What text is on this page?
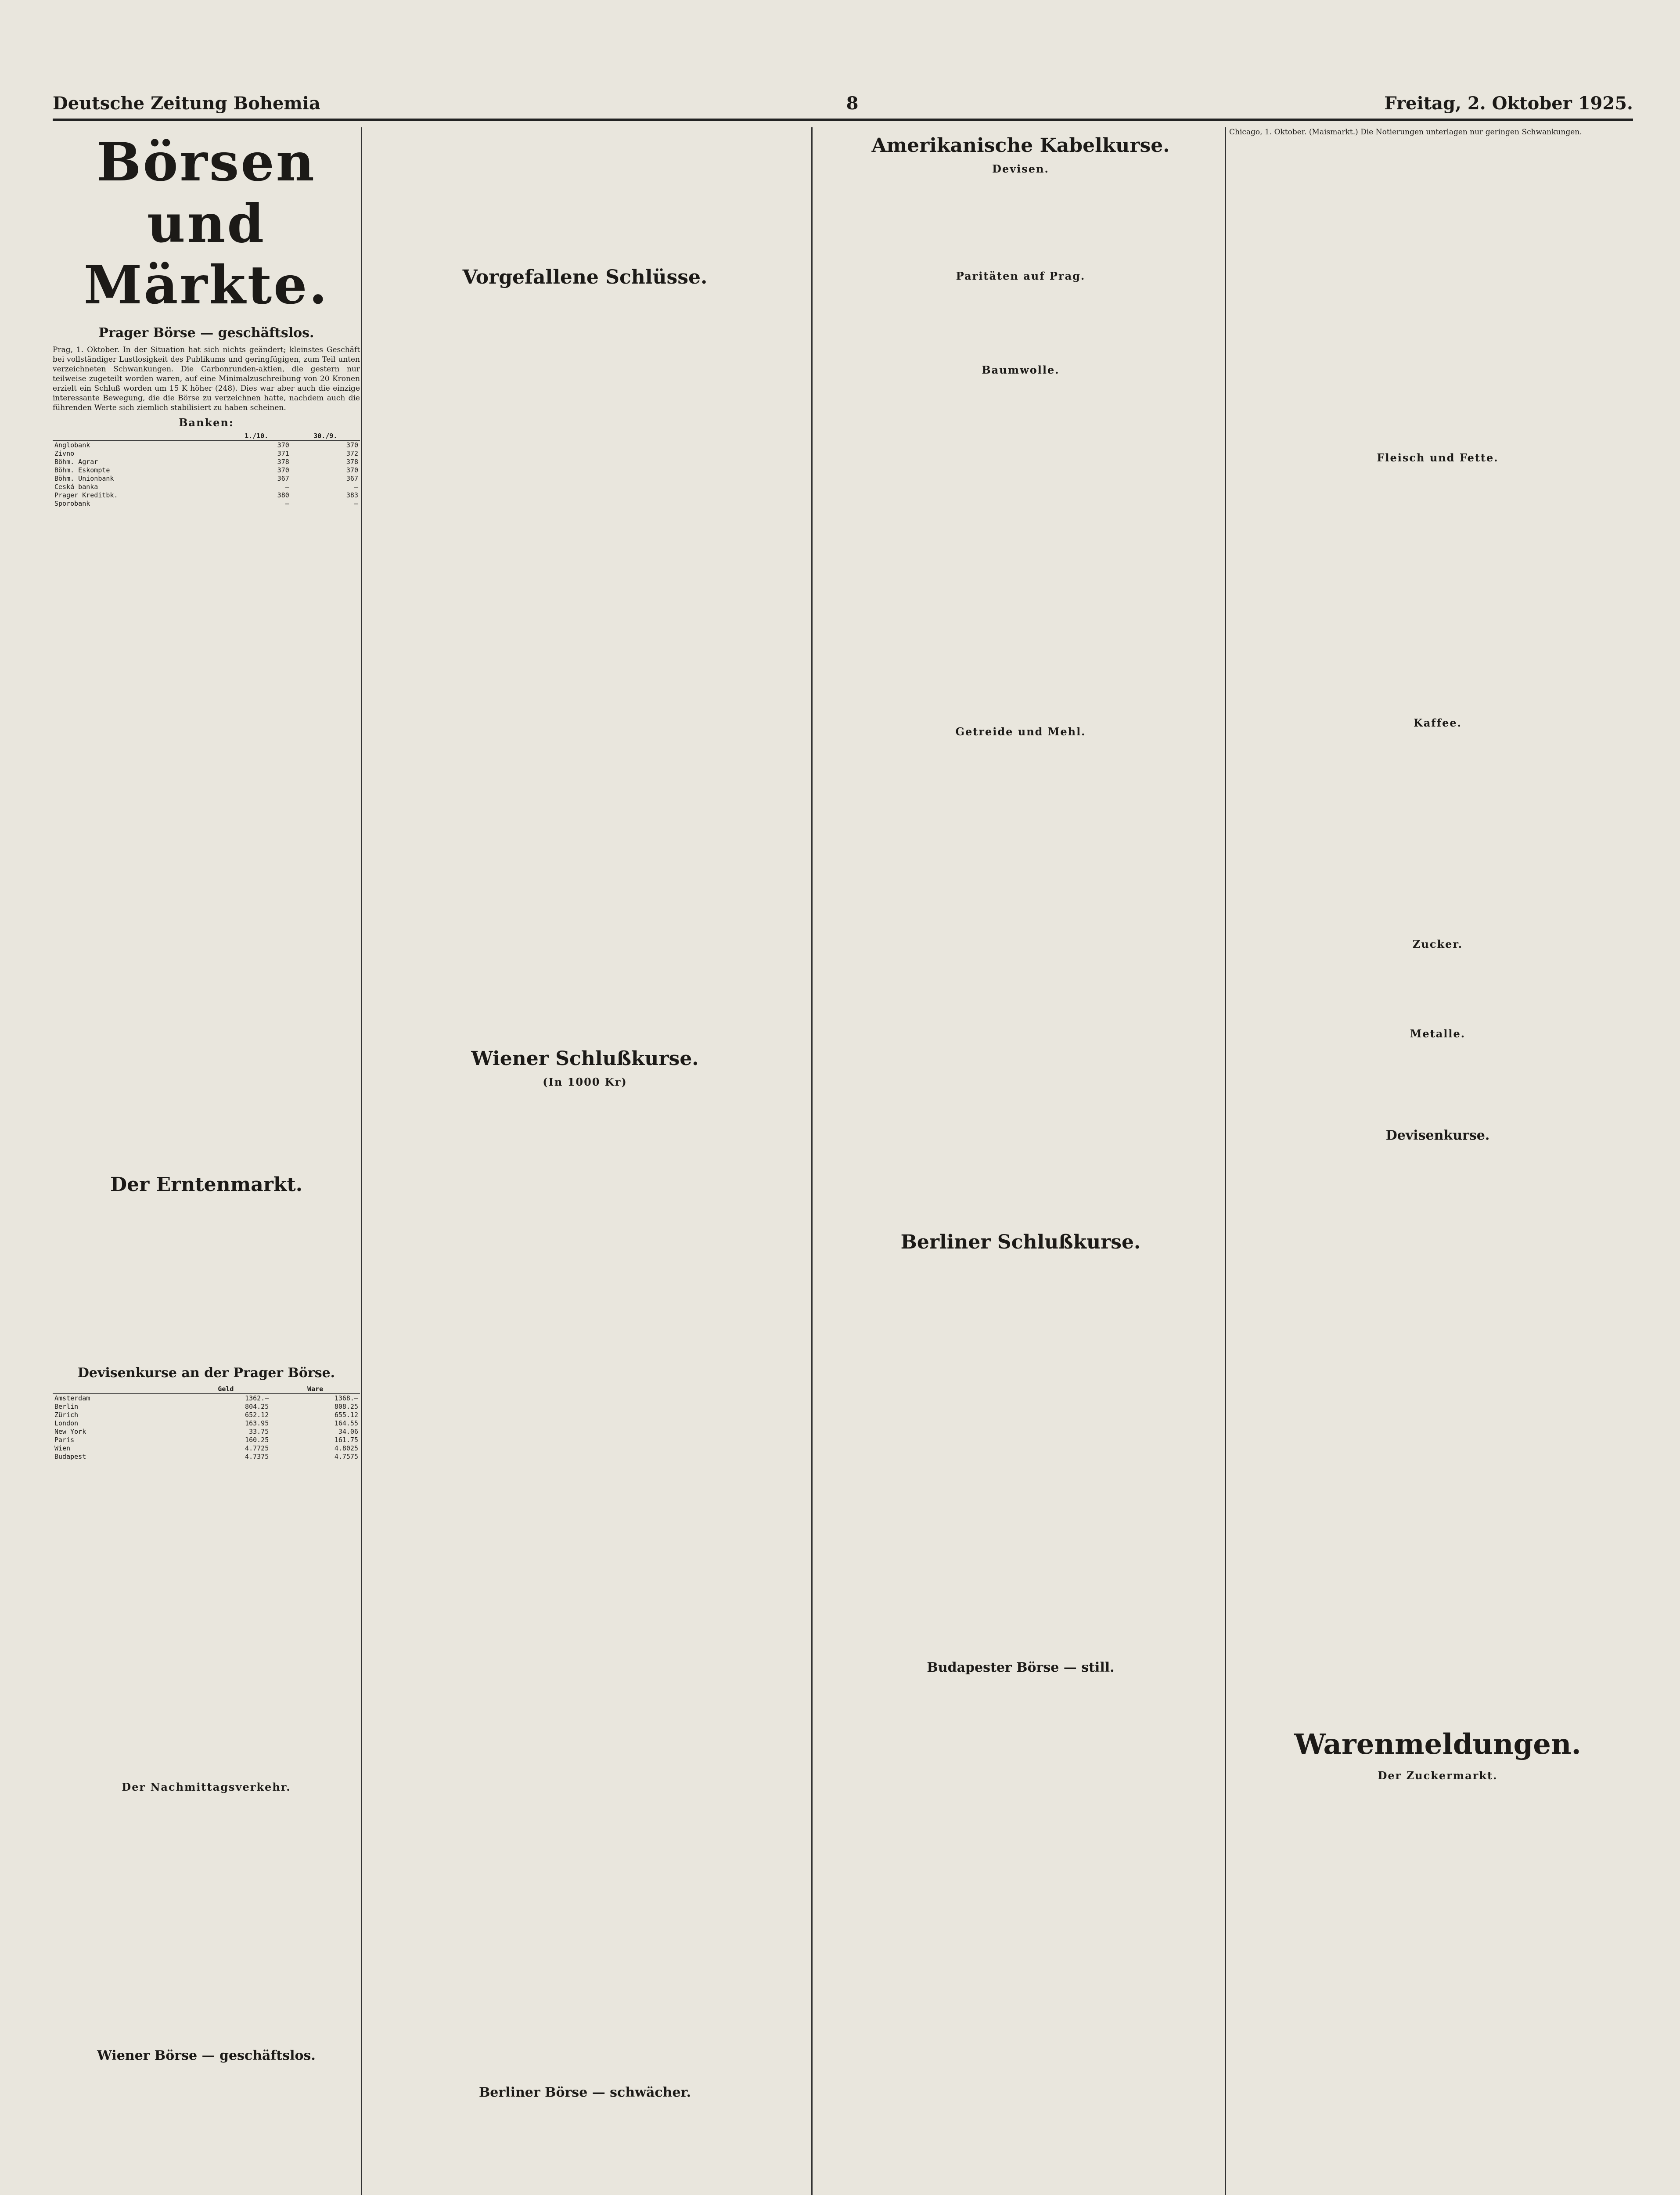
Deutsche Zeitung Bohemia	8	Freitag, 2. Oktober 1925.
Börsen und Märkte.
Prager Börse — geschäftslos.

Prag, 1. Oktober. In der Situation hat sich nichts geändert; kleinstes Geschäft bei vollständiger Lustlosigkeit des Publikums und geringfügigen, zum Teil unten verzeichneten Schwankungen. Die Carbonrunden-aktien, die gestern nur teilweise zugeteilt worden waren, auf eine Minimalzuschreibung von 20 Kronen erzielt ein Schluß worden um 15 K höher (248). Dies war aber auch die einzige interessante Bewegung, die die Börse zu verzeichnen hatte, nachdem auch die führenden Werte sich ziemlich stabilisiert zu haben scheinen.

Banken:
	1./10.	30./9.
Anglobank	370	370
Zivno	371	372
Böhm. Agrar	378	378
Böhm. Eskompte	370	370
Böhm. Unionbank	367	367
Ceská banka	—	—
Prager Kreditbk.	380	383
Sporobank	—	—
Der Erntenmarkt.
Devisenkurse an der Prager Börse.
	Geld	Ware
Amsterdam	1362.—	1368.—
Berlin	804.25	808.25
Zürich	652.12	655.12
London	163.95	164.55
New York	33.75	34.06
Paris	160.25	161.75
Wien	4.7725	4.8025
Budapest	4.7375	4.7575
Der Nachmittagsverkehr.
Wiener Börse — geschäftslos.
Vorgefallene Schlüsse.
Wiener Schlußkurse.
(In 1000 Kr)
Berliner Börse — schwächer.
Amerikanische Kabelkurse.
Devisen.
Paritäten auf Prag.
Baumwolle.
Getreide und Mehl.
Berliner Schlußkurse.
Budapester Börse — still.

Chicago, 1. Oktober. (Maismarkt.) Die Notierungen unterlagen nur geringen Schwankungen.

Fleisch und Fette.
Kaffee.
Zucker.
Metalle.
Devisenkurse.
Warenmeldungen.
Der Zuckermarkt.
